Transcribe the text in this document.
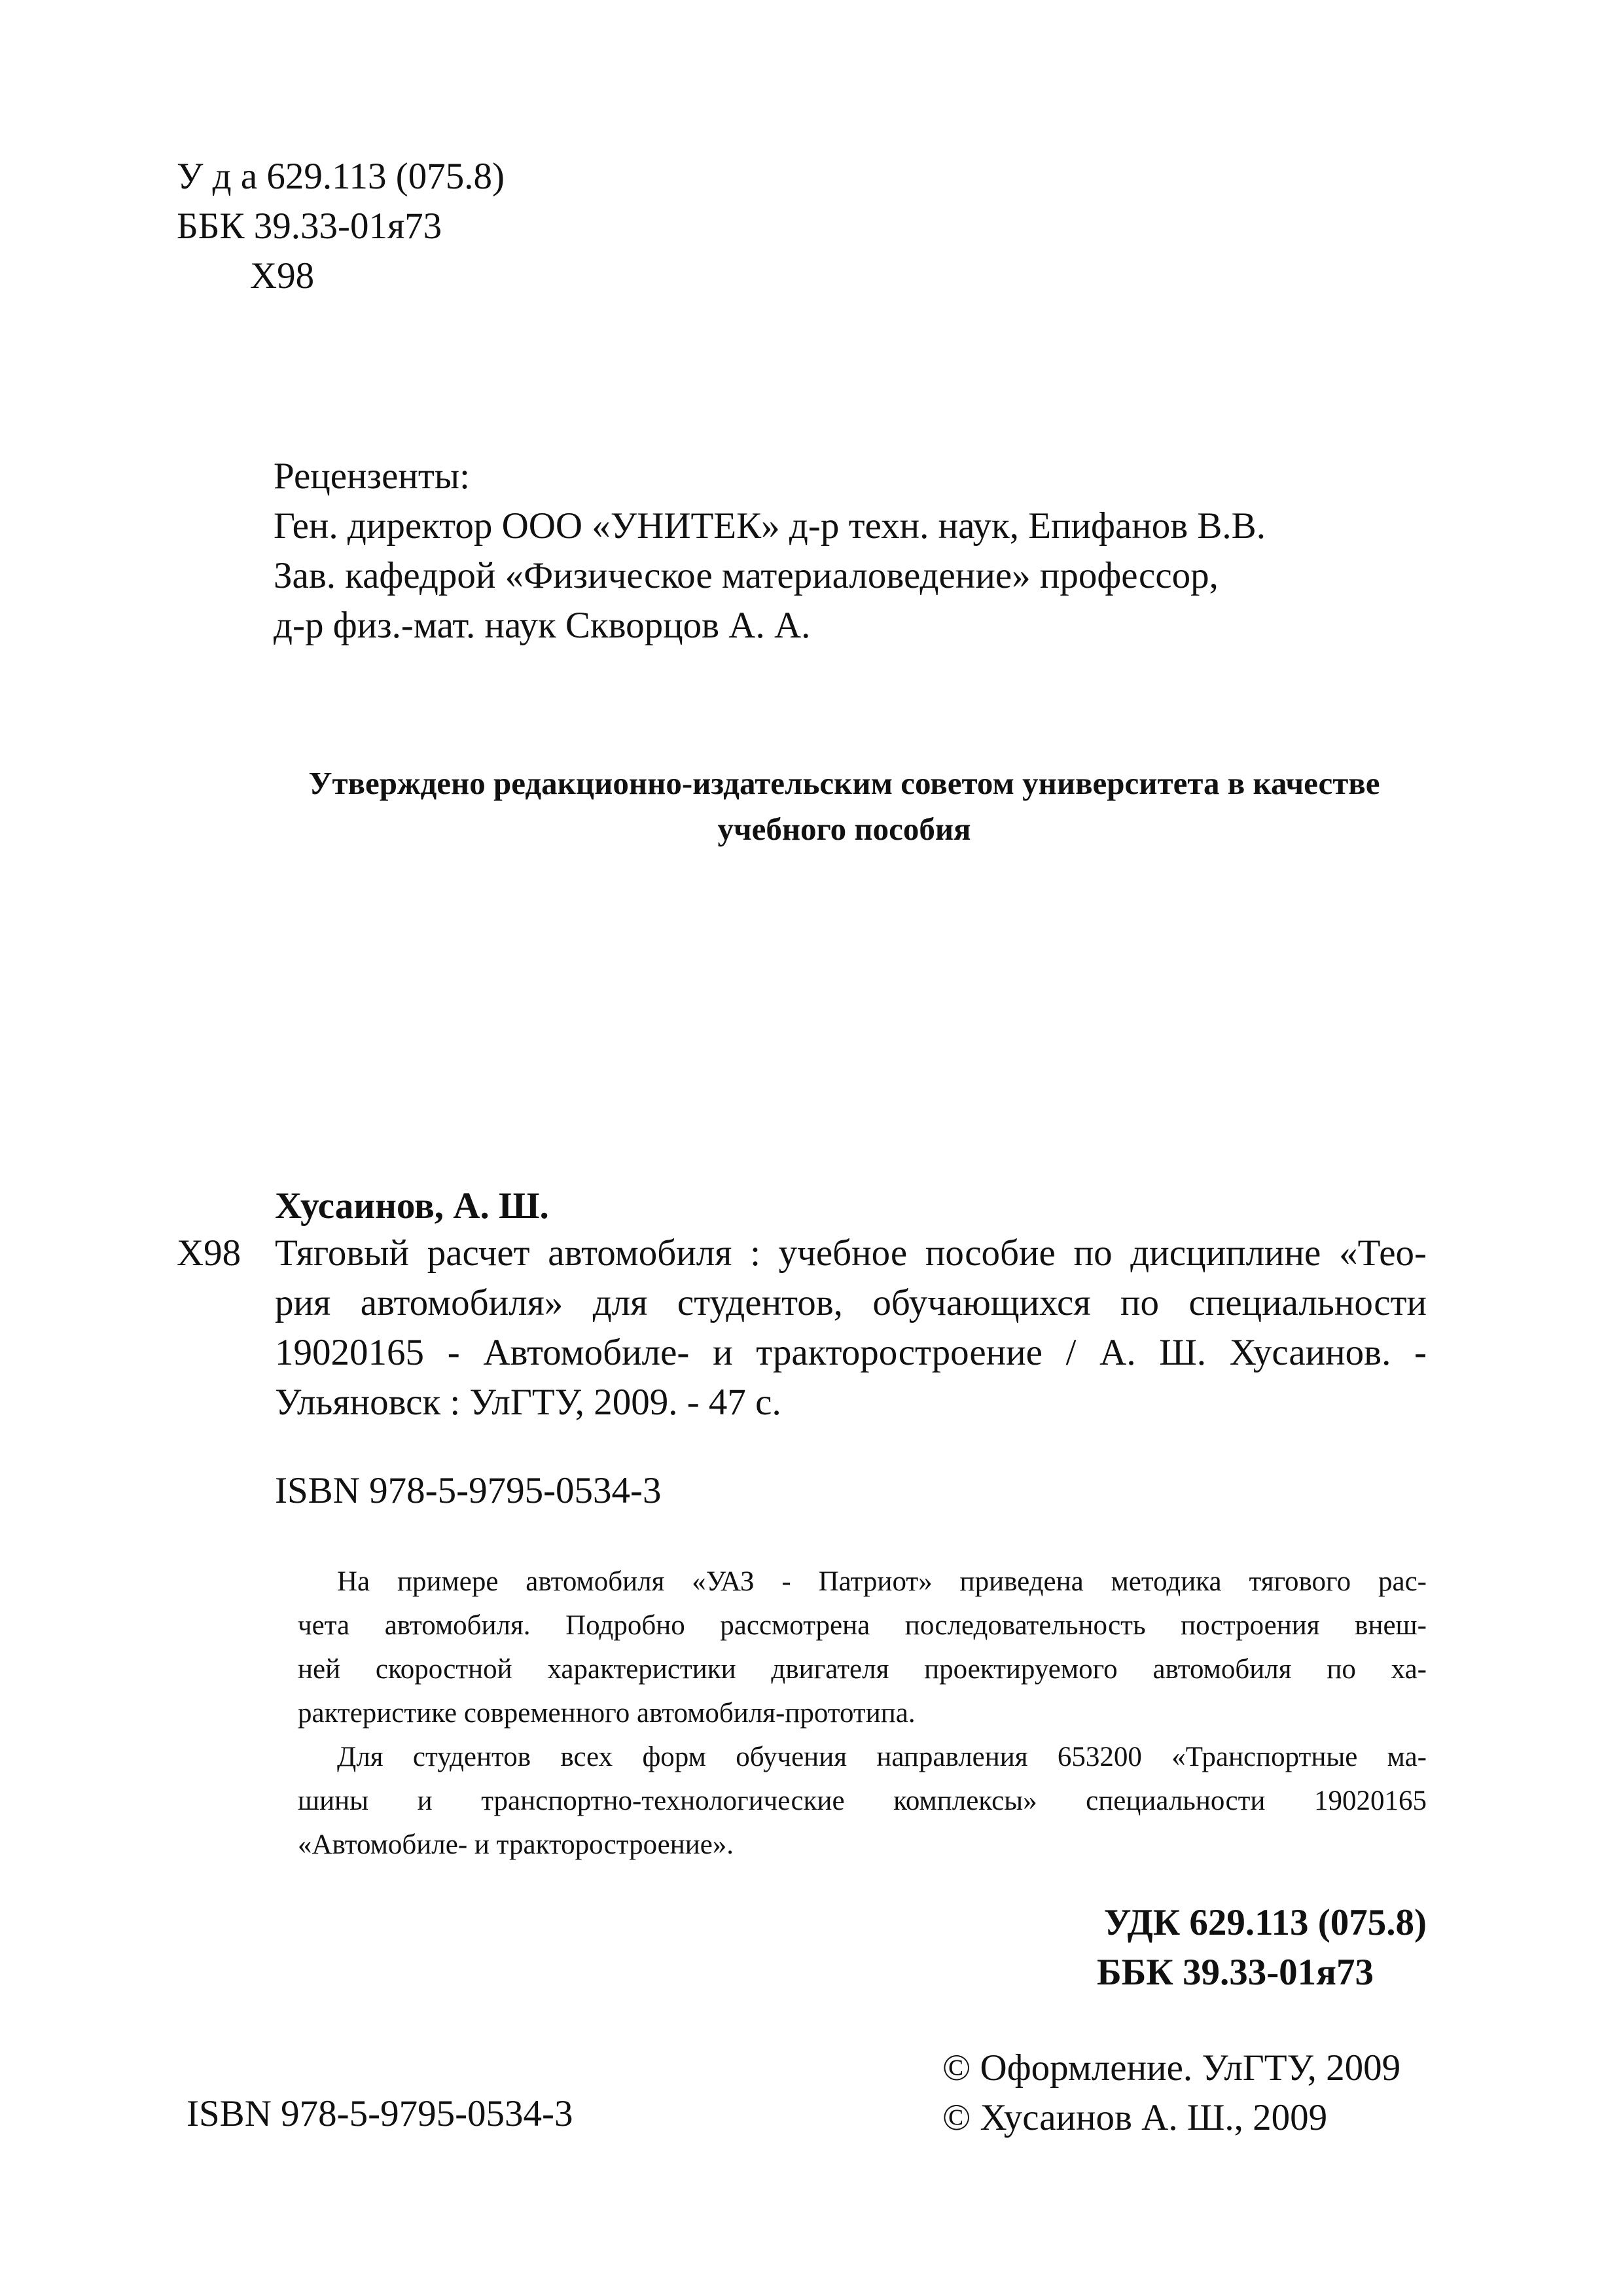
У д а 629.113 (075.8)
ББК 39.33-01я73
Х98
Рецензенты:
Ген. директор ООО «УНИТЕК» д-р техн. наук, Епифанов В.В.
Зав. кафедрой «Физическое материаловедение» профессор,
д-р физ.-мат. наук Скворцов А. А.
Утверждено редакционно-издательским советом университета в качестве
учебного пособия
Хусаинов, А. Ш.
Х98 Тяговый расчет автомобиля : учебное пособие по дисциплине «Тео-
рия автомобиля» для студентов, обучающихся по специальности
19020165 - Автомобиле- и тракторостроение / А. Ш. Хусаинов. -
Ульяновск : УлГТУ, 2009. - 47 с.
ISBN 978-5-9795-0534-3
На примере автомобиля «УАЗ - Патриот» приведена методика тягового рас-
чета автомобиля. Подробно рассмотрена последовательность построения внеш-
ней скоростной характеристики двигателя проектируемого автомобиля по ха-
рактеристике современного автомобиля-прототипа.
Для студентов всех форм обучения направления 653200 «Транспортные ма-
шины и транспортно-технологические комплексы» специальности 19020165
«Автомобиле- и тракторостроение».
УДК 629.113 (075.8)
ББК 39.33-01я73
ISBN 978-5-9795-0534-3
© Оформление. УлГТУ, 2009
© Хусаинов А. Ш., 2009
